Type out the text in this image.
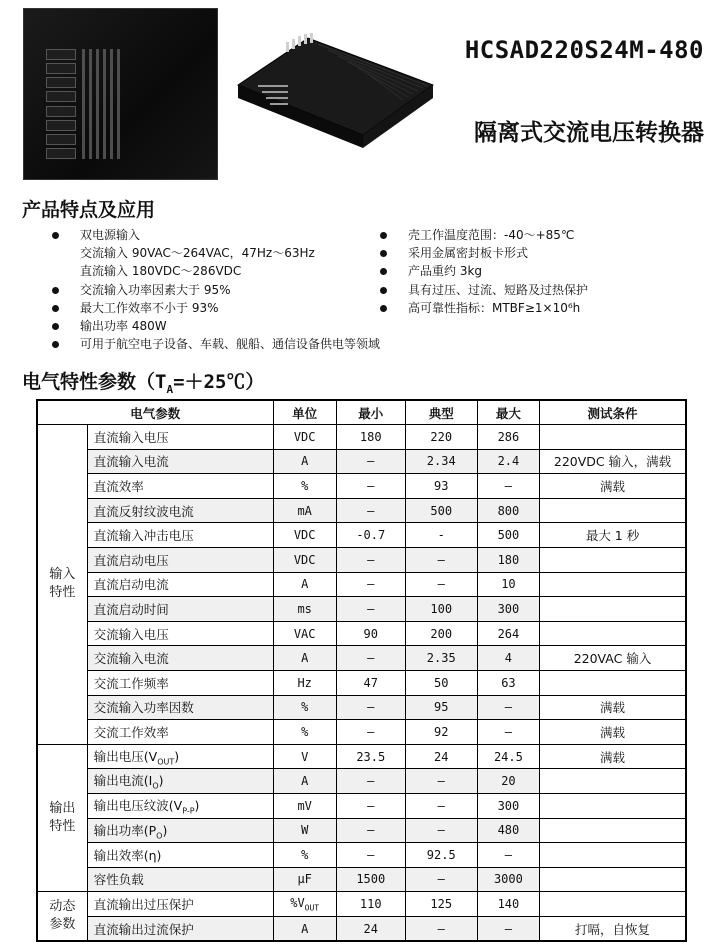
HCSAD220S24M-480
隔离式交流电压转换器
产品特点及应用
双电源输入
交流输入 90VAC～264VAC，47Hz～63Hz
直流输入 180VDC～286VDC
交流输入功率因素大于 95%
最大工作效率不小于 93%
输出功率 480W
可用于航空电子设备、车载、舰船、通信设备供电等领域
壳工作温度范围：-40～+85℃
采用金属密封板卡形式
产品重约 3kg
具有过压、过流、短路及过热保护
高可靠性指标：MTBF≥1×10⁶h
电气特性参数$(T_A=+25℃)$
电气参数		单位	最小	典型	最大	测试条件
输入
特性	直流输入电压	VDC	180	220	286	
	直流输入电流	A	—	2.34	2.4	220VDC 输入，满载
	直流效率	%	—	93	—	满载
	直流反射纹波电流	mA	—	500	800	
	直流输入冲击电压	VDC	-0.7	-	500	最大 1 秒
	直流启动电压	VDC	—	—	180	
	直流启动电流	A	—	—	10	
	直流启动时间	ms	—	100	300	
	交流输入电压	VAC	90	200	264	
	交流输入电流	A	—	2.35	4	220VAC 输入
	交流工作频率	Hz	47	50	63	
	交流输入功率因数	%	—	95	—	满载
	交流工作效率	%	—	92	—	满载
输出
特性	输出电压$(V_{OUT})$	V	23.5	24	24.5	满载
	输出电流$(I_O)$	A	—	—	20	
	输出电压纹波$(V_{P-P})$	mV	—	—	300	
	输出功率$(P_O)$	W	—	—	480	
	输出效率(η)	%	—	92.5	—	
	容性负载	μF	1500	—	3000	
动态
参数	直流输出过压保护	$\%V_{OUT}$	110	125	140	
	直流输出过流保护	A	24	—	—	打嗝，自恢复
